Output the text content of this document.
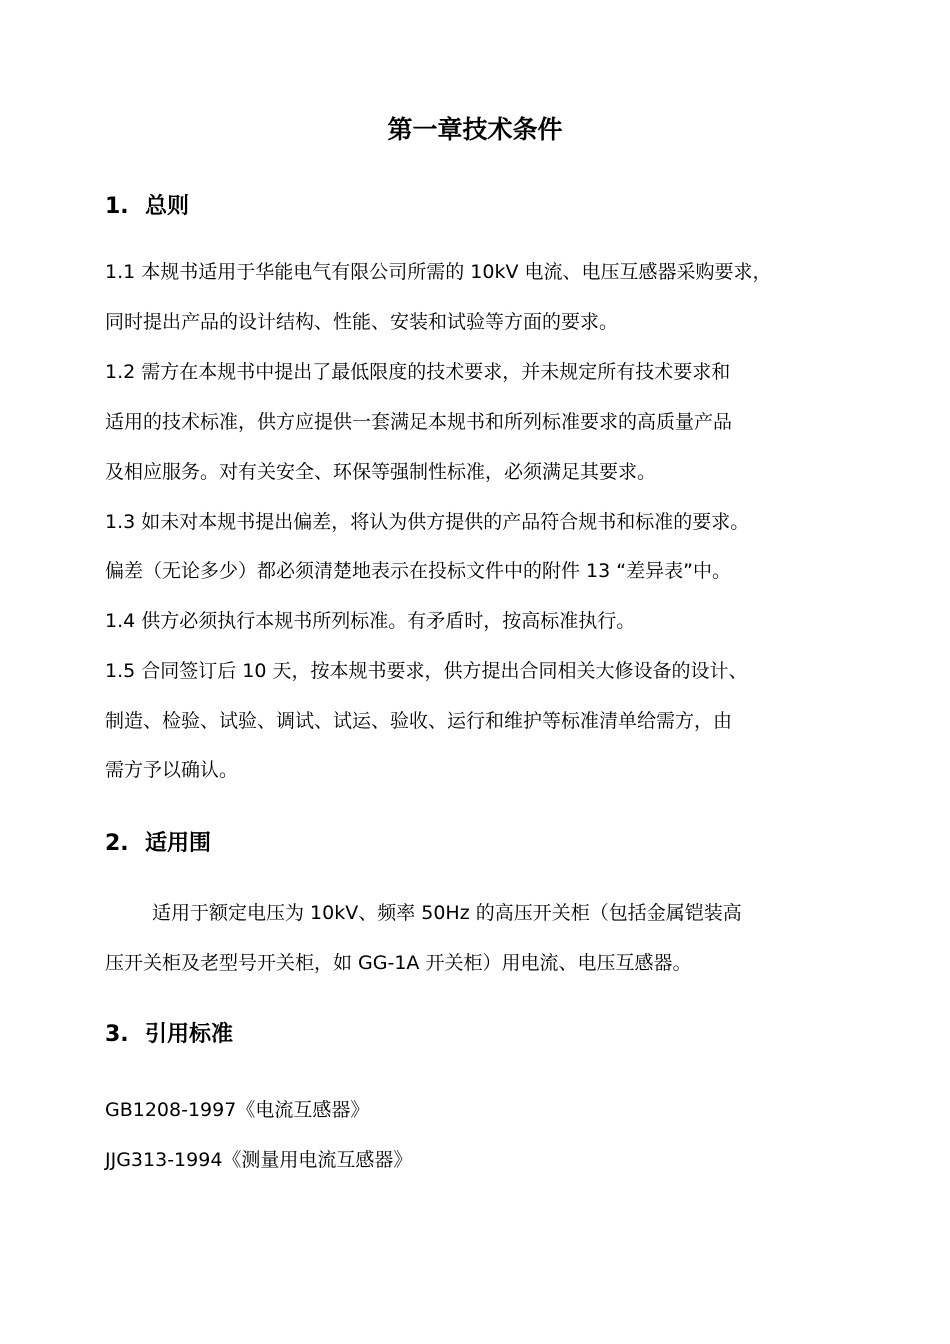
第一章技术条件
1. 总则

1.1 本规书适用于华能电气有限公司所需的 10kV 电流、电压互感器采购要求，

同时提出产品的设计结构、性能、安装和试验等方面的要求。

1.2 需方在本规书中提出了最低限度的技术要求，并未规定所有技术要求和

适用的技术标准，供方应提供一套满足本规书和所列标准要求的高质量产品

及相应服务。对有关安全、环保等强制性标准，必须满足其要求。

1.3 如未对本规书提出偏差，将认为供方提供的产品符合规书和标准的要求。

偏差（无论多少）都必须清楚地表示在投标文件中的附件 13 “差异表”中。

1.4 供方必须执行本规书所列标准。有矛盾时，按高标准执行。

1.5 合同签订后 10 天，按本规书要求，供方提出合同相关大修设备的设计、

制造、检验、试验、调试、试运、验收、运行和维护等标准清单给需方，由

需方予以确认。

2. 适用围

适用于额定电压为 10kV、频率 50Hz 的高压开关柜（包括金属铠装高

压开关柜及老型号开关柜，如 GG-1A 开关柜）用电流、电压互感器。

3. 引用标准

GB1208-1997《电流互感器》

JJG313-1994《测量用电流互感器》
